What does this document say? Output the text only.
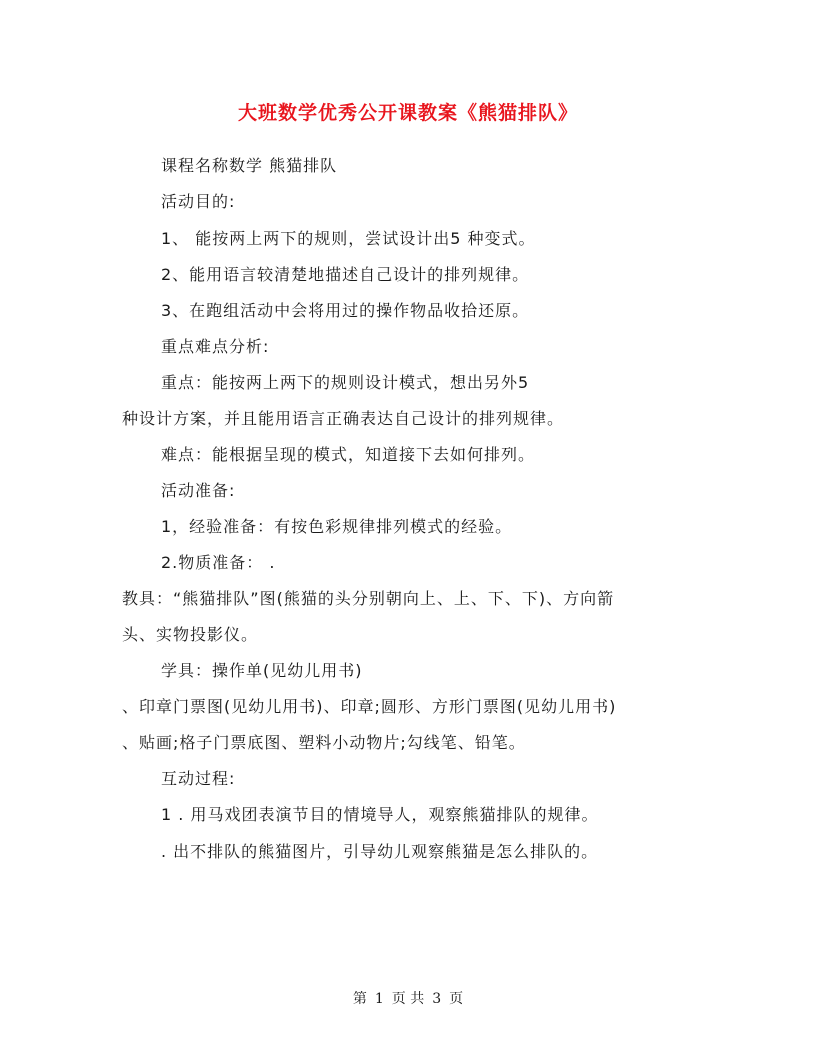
大班数学优秀公开课教案《熊猫排队》
课程名称数学 熊猫排队
活动目的:
1、 能按两上两下的规则，尝试设计出5 种变式。
2、能用语言较清楚地描述自己设计的排列规律。
3、在跑组活动中会将用过的操作物品收拾还原。
重点难点分析:
重点：能按两上两下的规则设计模式，想出另外5
种设计方案，并且能用语言正确表达自己设计的排列规律。
难点：能根据呈现的模式，知道接下去如何排列。
活动准备:
1，经验准备：有按色彩规律排列模式的经验。
2.物质准备： .
教具：“熊猫排队”图(熊猫的头分别朝向上、上、下、下)、方向箭
头、实物投影仪。
学具：操作单(见幼儿用书)
、印章门票图(见幼儿用书)、印章;圆形、方形门票图(见幼儿用书)
、贴画;格子门票底图、塑料小动物片;勾线笔、铅笔。
互动过程:
1 . 用马戏团表演节目的情境导人，观察熊猫排队的规律。
. 出不排队的熊猫图片，引导幼儿观察熊猫是怎么排队的。
第 1 页 共 3 页
